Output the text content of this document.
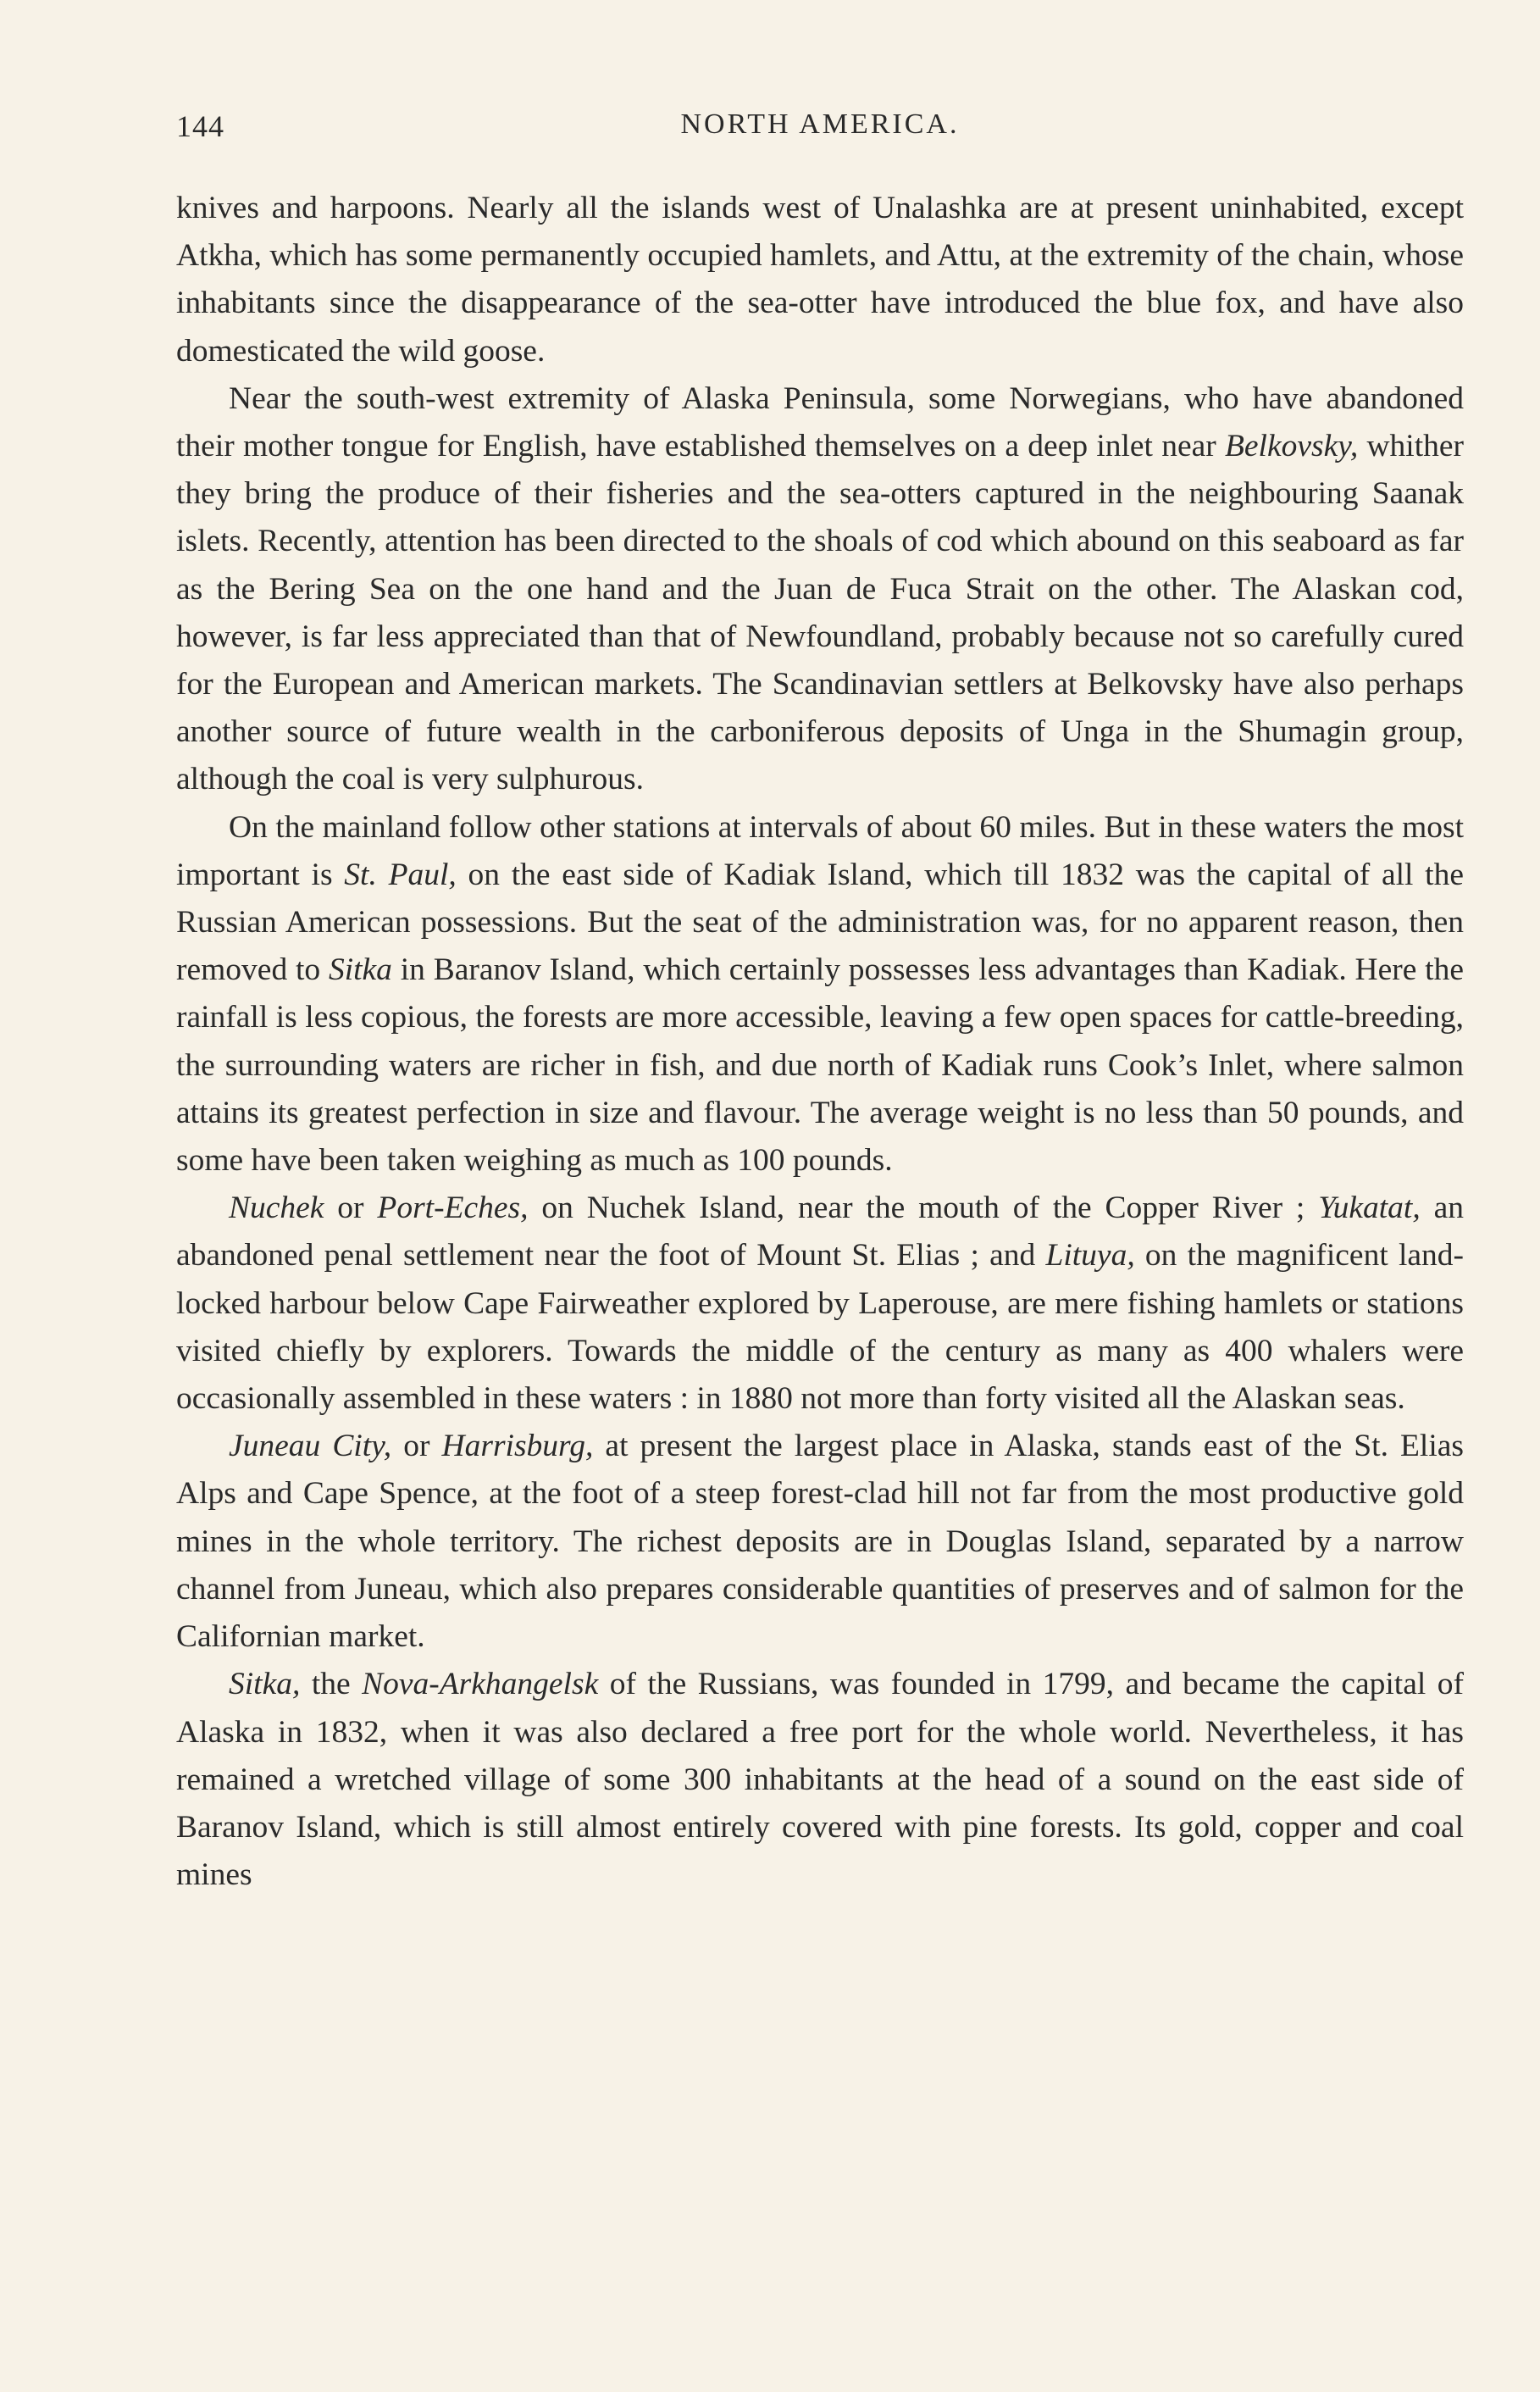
144	NORTH AMERICA.

knives and harpoons. Nearly all the islands west of Unalashka are at present uninhabited, except Atkha, which has some permanently occupied hamlets, and Attu, at the extremity of the chain, whose inhabitants since the disappearance of the sea-otter have introduced the blue fox, and have also domesticated the wild goose.

Near the south-west extremity of Alaska Peninsula, some Norwegians, who have abandoned their mother tongue for English, have established themselves on a deep inlet near Belkovsky, whither they bring the produce of their fisheries and the sea-otters captured in the neighbouring Saanak islets. Recently, attention has been directed to the shoals of cod which abound on this seaboard as far as the Bering Sea on the one hand and the Juan de Fuca Strait on the other. The Alaskan cod, however, is far less appreciated than that of Newfoundland, probably because not so carefully cured for the European and American markets. The Scandinavian settlers at Belkovsky have also perhaps another source of future wealth in the carboniferous deposits of Unga in the Shumagin group, although the coal is very sulphurous.

On the mainland follow other stations at intervals of about 60 miles. But in these waters the most important is St. Paul, on the east side of Kadiak Island, which till 1832 was the capital of all the Russian American possessions. But the seat of the administration was, for no apparent reason, then removed to Sitka in Baranov Island, which certainly possesses less advantages than Kadiak. Here the rainfall is less copious, the forests are more accessible, leaving a few open spaces for cattle-breeding, the surrounding waters are richer in fish, and due north of Kadiak runs Cook’s Inlet, where salmon attains its greatest perfection in size and flavour. The average weight is no less than 50 pounds, and some have been taken weighing as much as 100 pounds.

Nuchek or Port-Eches, on Nuchek Island, near the mouth of the Copper River ; Yukatat, an abandoned penal settlement near the foot of Mount St. Elias ; and Lituya, on the magnificent land-locked harbour below Cape Fairweather explored by Laperouse, are mere fishing hamlets or stations visited chiefly by explorers. Towards the middle of the century as many as 400 whalers were occasionally assembled in these waters : in 1880 not more than forty visited all the Alaskan seas.

Juneau City, or Harrisburg, at present the largest place in Alaska, stands east of the St. Elias Alps and Cape Spence, at the foot of a steep forest-clad hill not far from the most productive gold mines in the whole territory. The richest deposits are in Douglas Island, separated by a narrow channel from Juneau, which also prepares considerable quantities of preserves and of salmon for the Californian market.

Sitka, the Nova-Arkhangelsk of the Russians, was founded in 1799, and became the capital of Alaska in 1832, when it was also declared a free port for the whole world. Nevertheless, it has remained a wretched village of some 300 inhabitants at the head of a sound on the east side of Baranov Island, which is still almost entirely covered with pine forests. Its gold, copper and coal mines
